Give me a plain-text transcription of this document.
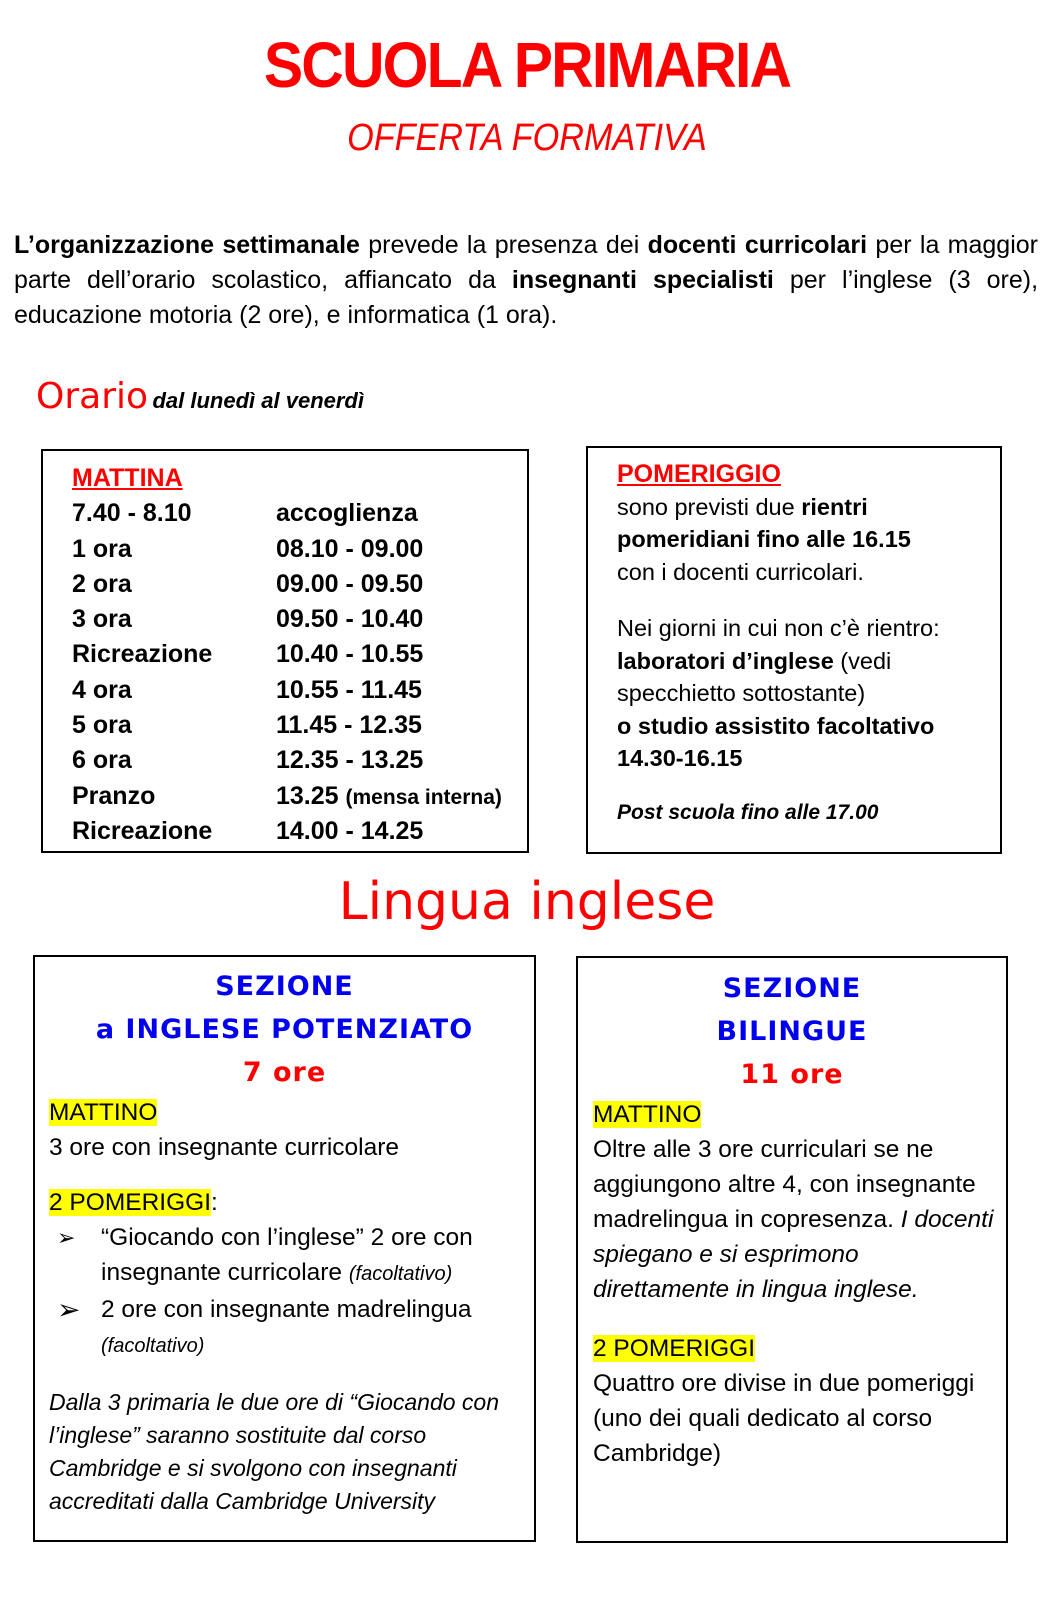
SCUOLA PRIMARIA
OFFERTA FORMATIVA
L’organizzazione settimanale prevede la presenza dei docenti curricolari per la maggior parte dell’orario scolastico, affiancato da insegnanti specialisti per l’inglese (3 ore), educazione motoria (2 ore), e informatica (1 ora).
Orario dal lunedì al venerdì
MATTINA
7.40 - 8.10	accoglienza
1 ora	08.10 - 09.00
2 ora	09.00 - 09.50
3 ora	09.50 - 10.40
Ricreazione	10.40 - 10.55
4 ora	10.55 - 11.45
5 ora	11.45 - 12.35
6 ora	12.35 - 13.25
Pranzo	13.25 (mensa interna)
Ricreazione	14.00 - 14.25

POMERIGGIO

sono previsti due rientri pomeridiani fino alle 16.15

con i docenti curricolari.

Nei giorni in cui non c’è rientro:

laboratori d’inglese (vedi specchietto sottostante)

o studio assistito facoltativo 14.30-16.15

Post scuola fino alle 17.00

Lingua inglese
SEZIONE
a INGLESE POTENZIATO
7 ore

MATTINO

3 ore con insegnante curricolare

2 POMERIGGI:

➢	“Giocando con l’inglese” 2 ore con insegnante curricolare (facoltativo)
➢ 2 ore con insegnante madrelingua
(facoltativo)

Dalla 3 primaria le due ore di “Giocando con l’inglese” saranno sostituite dal corso Cambridge e si svolgono con insegnanti accreditati dalla Cambridge University

SEZIONE
BILINGUE
11 ore

MATTINO

Oltre alle 3 ore curriculari se ne aggiungono altre 4, con insegnante madrelingua in copresenza. I docenti spiegano e si esprimono direttamente in lingua inglese.

2 POMERIGGI

Quattro ore divise in due pomeriggi (uno dei quali dedicato al corso Cambridge)
